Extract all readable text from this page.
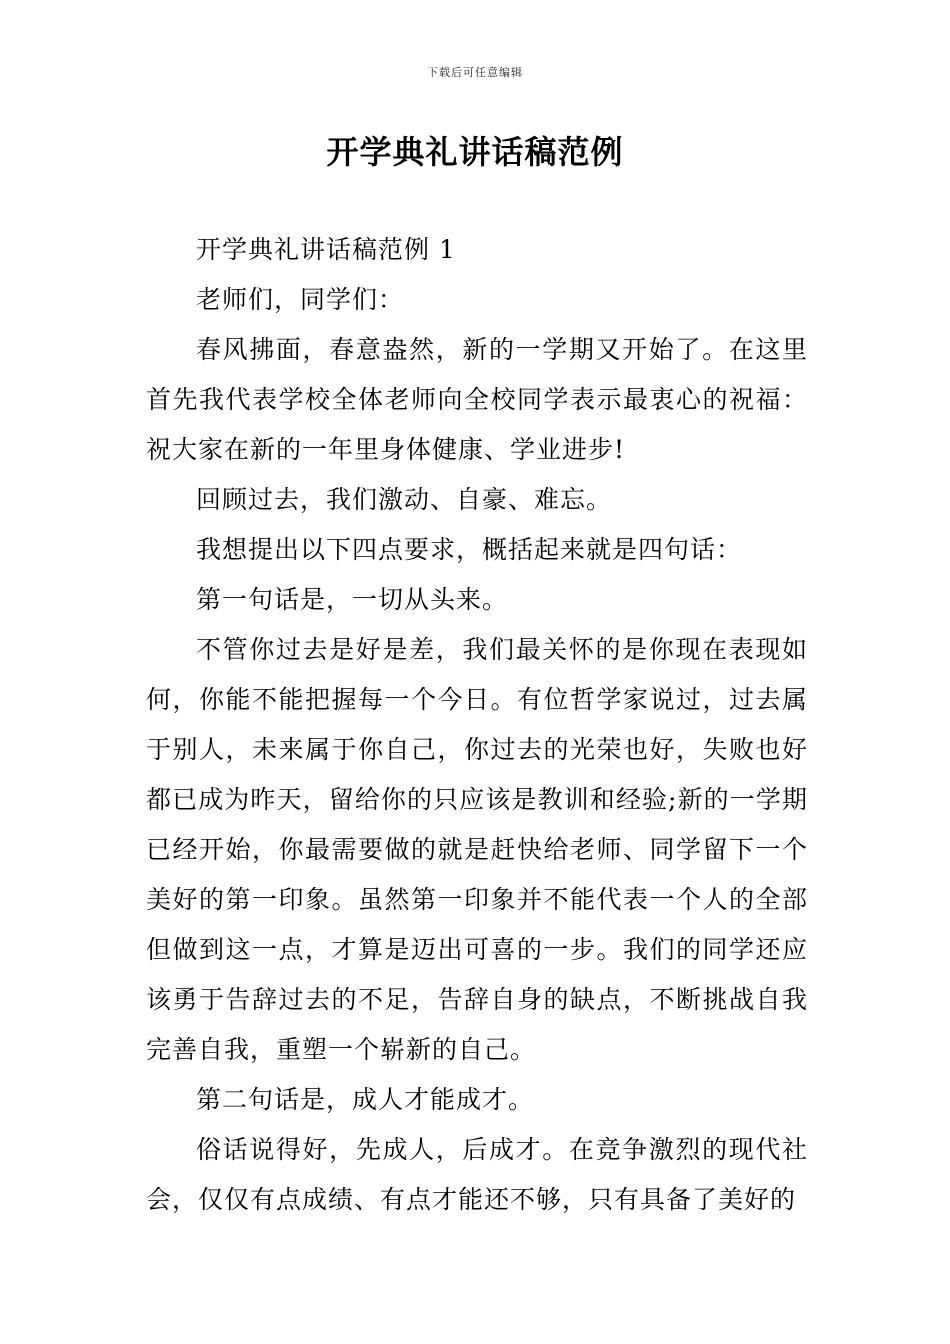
下载后可任意编辑
开学典礼讲话稿范例

开学典礼讲话稿范例 1

老师们，同学们：

春风拂面，春意盎然，新的一学期又开始了。在这里首先我代表学校全体老师向全校同学表示最衷心的祝福：祝大家在新的一年里身体健康、学业进步!

回顾过去，我们激动、自豪、难忘。

我想提出以下四点要求，概括起来就是四句话：

第一句话是，一切从头来。

不管你过去是好是差，我们最关怀的是你现在表现如何，你能不能把握每一个今日。有位哲学家说过，过去属于别人，未来属于你自己，你过去的光荣也好，失败也好都已成为昨天，留给你的只应该是教训和经验;新的一学期已经开始，你最需要做的就是赶快给老师、同学留下一个美好的第一印象。虽然第一印象并不能代表一个人的全部但做到这一点，才算是迈出可喜的一步。我们的同学还应该勇于告辞过去的不足，告辞自身的缺点，不断挑战自我完善自我，重塑一个崭新的自己。

第二句话是，成人才能成才。

俗话说得好，先成人，后成才。在竞争激烈的现代社会，仅仅有点成绩、有点才能还不够，只有具备了美好的
